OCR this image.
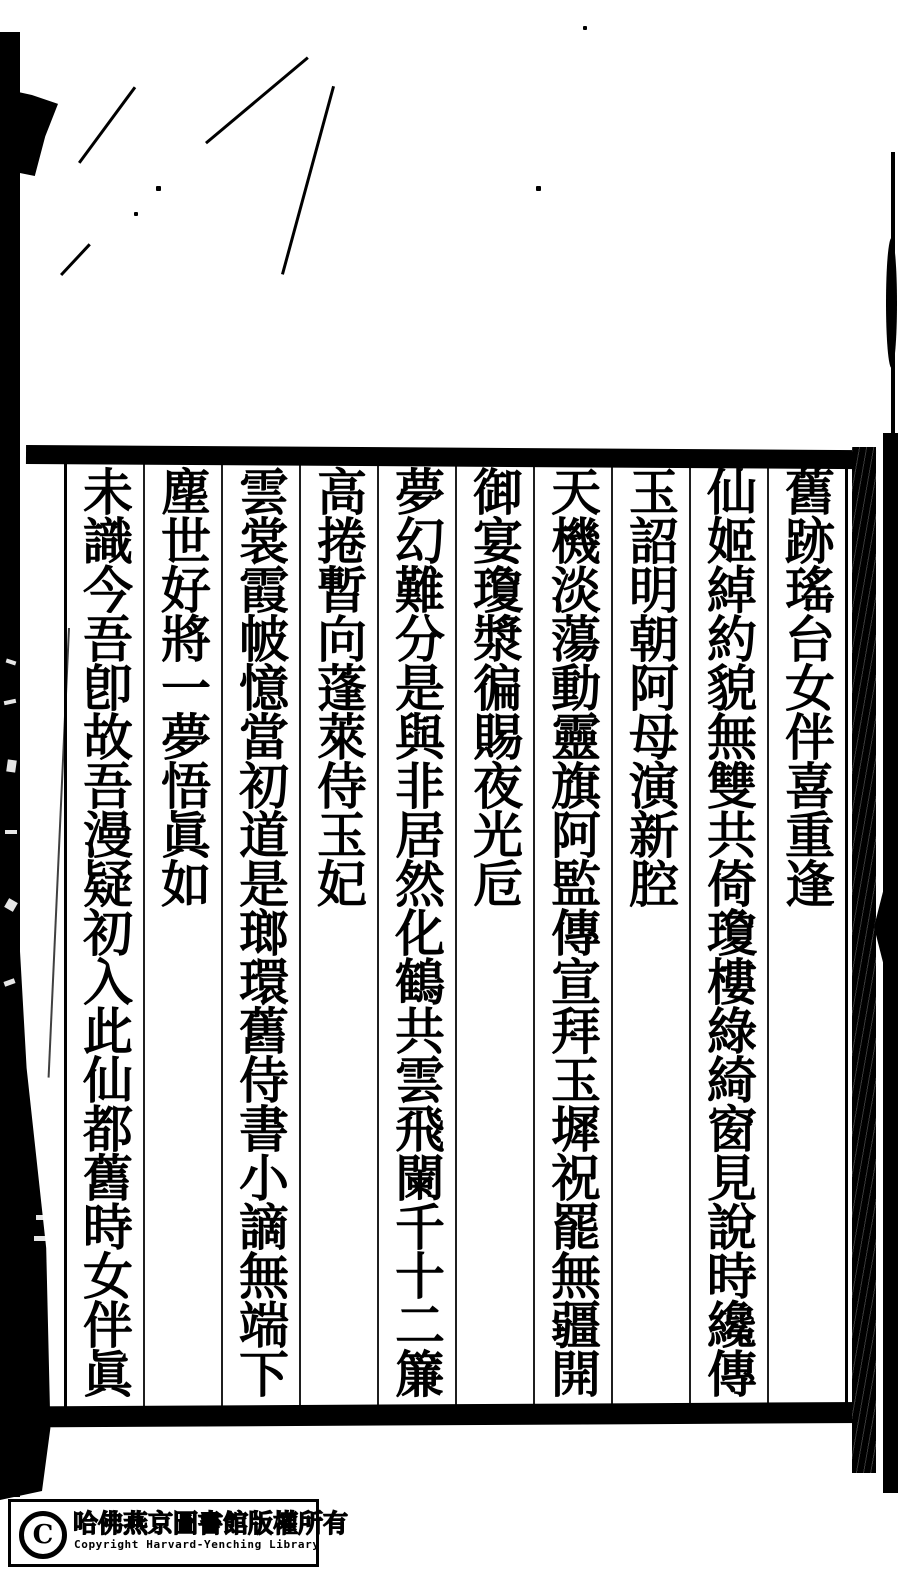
舊跡瑤台女伴喜重逢
仙姬綽約貌無雙共倚瓊樓綠綺窗見說時纔傳
玉詔明朝阿母演新腔
天機淡蕩動靈旗阿監傳宣拜玉墀祝罷無疆開
御宴瓊漿徧賜夜光卮
夢幻難分是與非居然化鶴共雲飛闌千十二簾
高捲暫向蓬萊侍玉妃
雲裳霞帔憶當初道是瑯環舊侍書小謫無端下
塵世好將一夢悟眞如
未識今吾卽故吾漫疑初入此仙都舊時女伴眞
C 哈佛燕京圖書館版權所有
Copyright Harvard-Yenching Library
